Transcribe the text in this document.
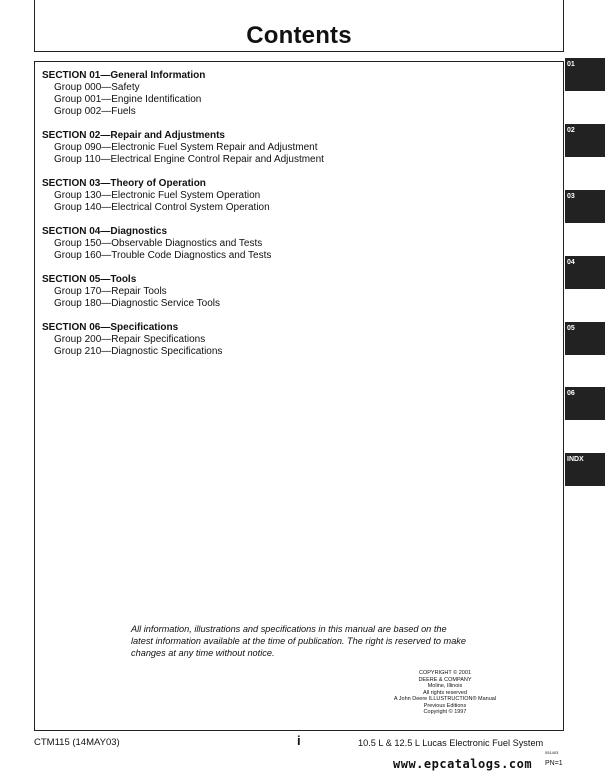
Contents
SECTION 01—General Information
Group 000— Safety
Group 001— Engine Identification
Group 002— Fuels
SECTION 02—Repair and Adjustments
Group 090— Electronic Fuel System Repair and Adjustment
Group 110— Electrical Engine Control Repair and Adjustment
SECTION 03—Theory of Operation
Group 130— Electronic Fuel System Operation
Group 140— Electrical Control System Operation
SECTION 04—Diagnostics
Group 150— Observable Diagnostics and Tests
Group 160— Trouble Code Diagnostics and Tests
SECTION 05—Tools
Group 170— Repair Tools
Group 180— Diagnostic Service Tools
SECTION 06—Specifications
Group 200— Repair Specifications
Group 210— Diagnostic Specifications
All information, illustrations and specifications in this manual are based on the latest information available at the time of publication. The right is reserved to make changes at any time without notice.
COPYRIGHT © 2001
DEERE & COMPANY
Moline, Illinois
All rights reserved
A John Deere ILLUSTRUCTION® Manual
Previous Editions
Copyright © 1997
01
02
03
04
05
06
INDX
CTM115 (14MAY03)	i	10.5 L & 12.5 L Lucas Electronic Fuel System
051403
www.epcatalogs.com PN=1
